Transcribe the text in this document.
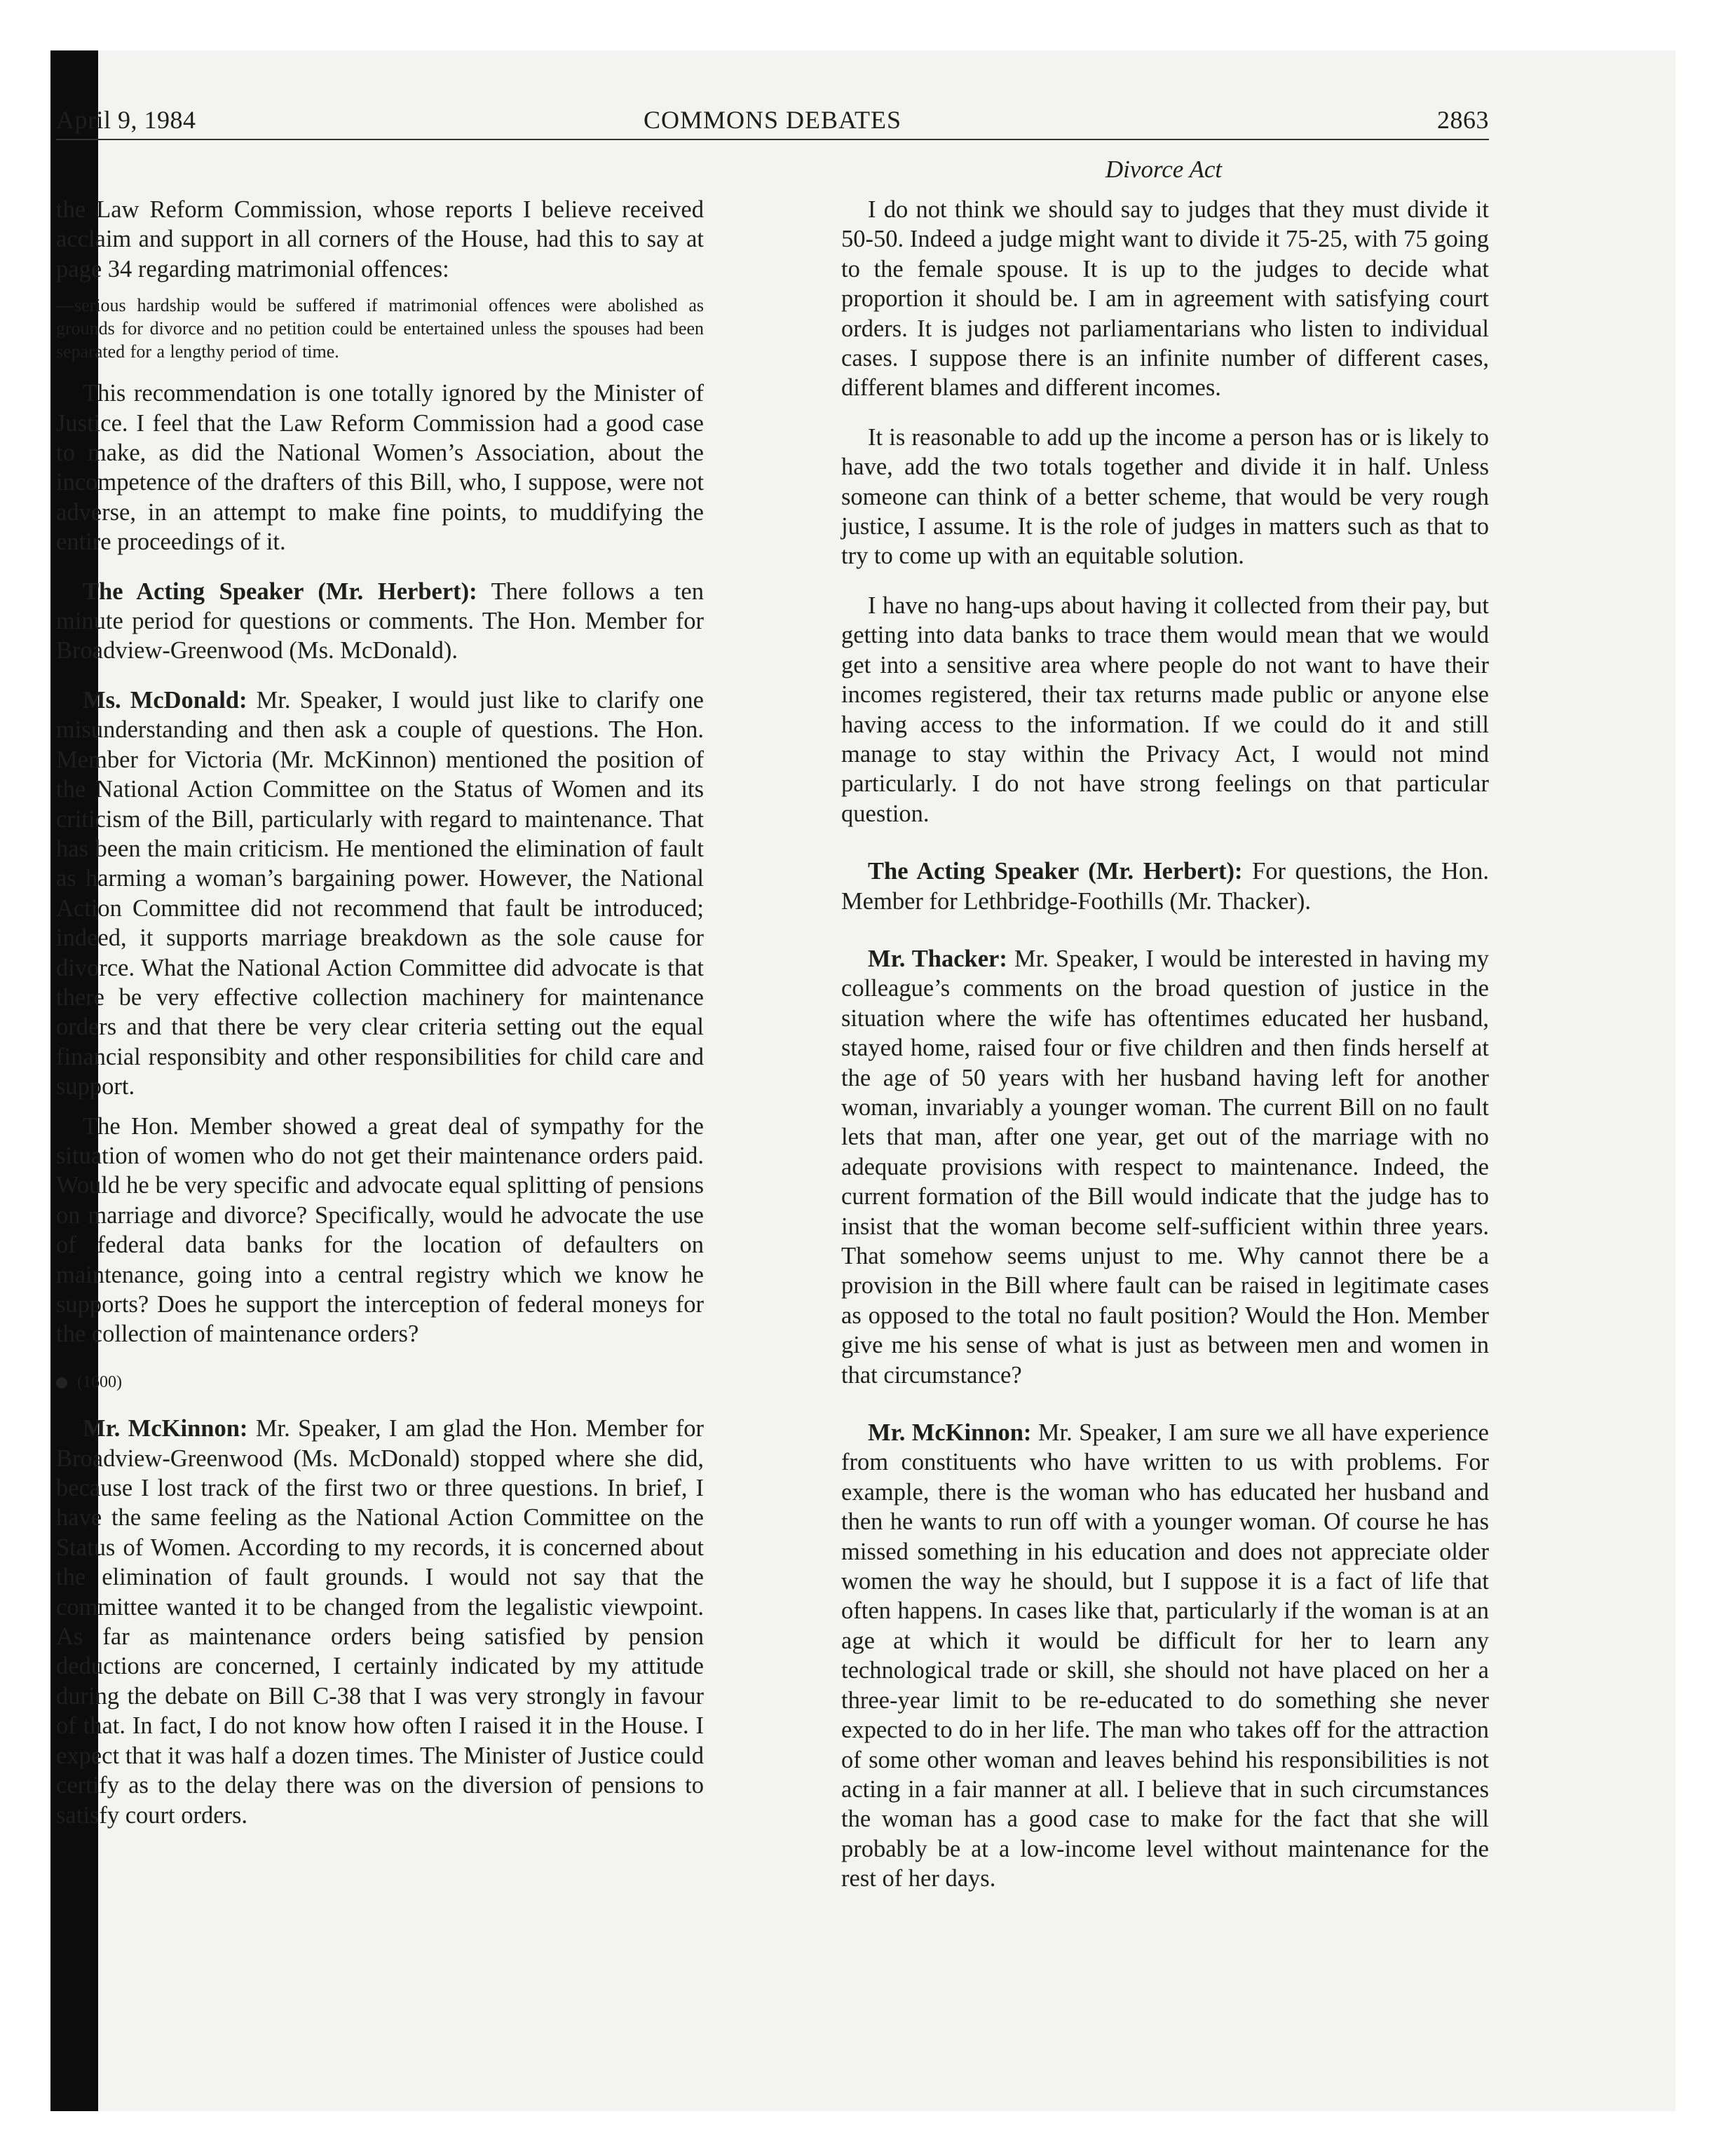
COMMONS DEBATES
April 9, 1984	2863
Divorce Act

the Law Reform Commission, whose reports I believe received acclaim and support in all corners of the House, had this to say at page 34 regarding matrimonial offences:

—serious hardship would be suffered if matrimonial offences were abolished as grounds for divorce and no petition could be entertained unless the spouses had been separated for a lengthy period of time.

This recommendation is one totally ignored by the Minister of Justice. I feel that the Law Reform Commission had a good case to make, as did the National Women’s Association, about the incompetence of the drafters of this Bill, who, I suppose, were not adverse, in an attempt to make fine points, to muddifying the entire proceedings of it.

The Acting Speaker (Mr. Herbert): There follows a ten minute period for questions or comments. The Hon. Member for Broadview-Greenwood (Ms. McDonald).

Ms. McDonald: Mr. Speaker, I would just like to clarify one misunderstanding and then ask a couple of questions. The Hon. Member for Victoria (Mr. McKinnon) mentioned the position of the National Action Committee on the Status of Women and its criticism of the Bill, particularly with regard to maintenance. That has been the main criticism. He mentioned the elimination of fault as harming a woman’s bargaining power. However, the National Action Committee did not recommend that fault be introduced; indeed, it supports marriage breakdown as the sole cause for divorce. What the National Action Committee did advocate is that there be very effective collection machinery for maintenance orders and that there be very clear criteria setting out the equal financial responsibity and other responsibilities for child care and support.

The Hon. Member showed a great deal of sympathy for the situation of women who do not get their maintenance orders paid. Would he be very specific and advocate equal splitting of pensions on marriage and divorce? Specifically, would he advocate the use of federal data banks for the location of defaulters on maintenance, going into a central registry which we know he supports? Does he support the interception of federal moneys for the collection of maintenance orders?

(1600)

Mr. McKinnon: Mr. Speaker, I am glad the Hon. Member for Broadview-Greenwood (Ms. McDonald) stopped where she did, because I lost track of the first two or three questions. In brief, I have the same feeling as the National Action Committee on the Status of Women. According to my records, it is concerned about the elimination of fault grounds. I would not say that the committee wanted it to be changed from the legalistic viewpoint. As far as maintenance orders being satisfied by pension deductions are concerned, I certainly indicated by my attitude during the debate on Bill C-38 that I was very strongly in favour of that. In fact, I do not know how often I raised it in the House. I expect that it was half a dozen times. The Minister of Justice could certify as to the delay there was on the diversion of pensions to satisfy court orders.

I do not think we should say to judges that they must divide it 50-50. Indeed a judge might want to divide it 75-25, with 75 going to the female spouse. It is up to the judges to decide what proportion it should be. I am in agreement with satisfying court orders. It is judges not parliamentarians who listen to individual cases. I suppose there is an infinite number of different cases, different blames and different incomes.

It is reasonable to add up the income a person has or is likely to have, add the two totals together and divide it in half. Unless someone can think of a better scheme, that would be very rough justice, I assume. It is the role of judges in matters such as that to try to come up with an equitable solution.

I have no hang-ups about having it collected from their pay, but getting into data banks to trace them would mean that we would get into a sensitive area where people do not want to have their incomes registered, their tax returns made public or anyone else having access to the information. If we could do it and still manage to stay within the Privacy Act, I would not mind particularly. I do not have strong feelings on that particular question.

The Acting Speaker (Mr. Herbert): For questions, the Hon. Member for Lethbridge-Foothills (Mr. Thacker).

Mr. Thacker: Mr. Speaker, I would be interested in having my colleague’s comments on the broad question of justice in the situation where the wife has oftentimes educated her husband, stayed home, raised four or five children and then finds herself at the age of 50 years with her husband having left for another woman, invariably a younger woman. The current Bill on no fault lets that man, after one year, get out of the marriage with no adequate provisions with respect to maintenance. Indeed, the current formation of the Bill would indicate that the judge has to insist that the woman become self-sufficient within three years. That somehow seems unjust to me. Why cannot there be a provision in the Bill where fault can be raised in legitimate cases as opposed to the total no fault position? Would the Hon. Member give me his sense of what is just as between men and women in that circumstance?

Mr. McKinnon: Mr. Speaker, I am sure we all have experience from constituents who have written to us with problems. For example, there is the woman who has educated her husband and then he wants to run off with a younger woman. Of course he has missed something in his education and does not appreciate older women the way he should, but I suppose it is a fact of life that often happens. In cases like that, particularly if the woman is at an age at which it would be difficult for her to learn any technological trade or skill, she should not have placed on her a three-year limit to be re-educated to do something she never expected to do in her life. The man who takes off for the attraction of some other woman and leaves behind his responsibilities is not acting in a fair manner at all. I believe that in such circumstances the woman has a good case to make for the fact that she will probably be at a low-income level without maintenance for the rest of her days.
